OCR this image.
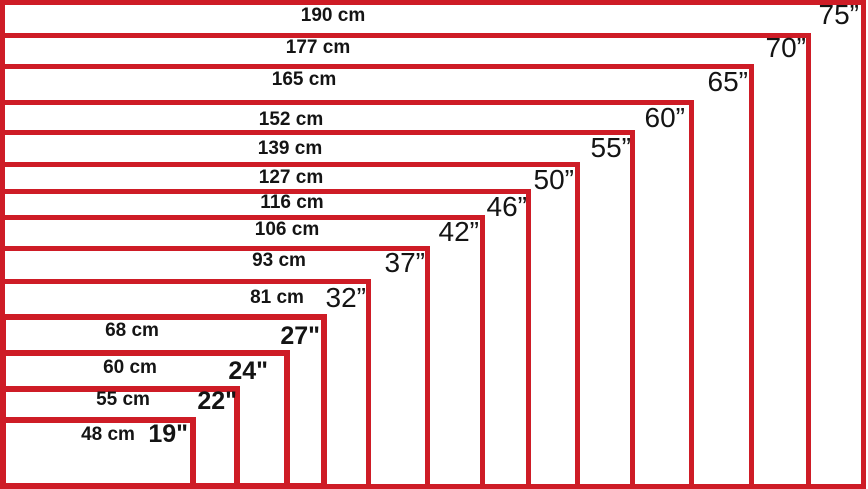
190 cm	75”
177 cm	70”
165 cm	65”
152 cm	60”
139 cm	55”
127 cm	50”
116 cm	46”
106 cm	42”
93 cm	37”
81 cm 32”
68 cm	27"
60 cm	24"
55 cm 22"
48 cm 19"
